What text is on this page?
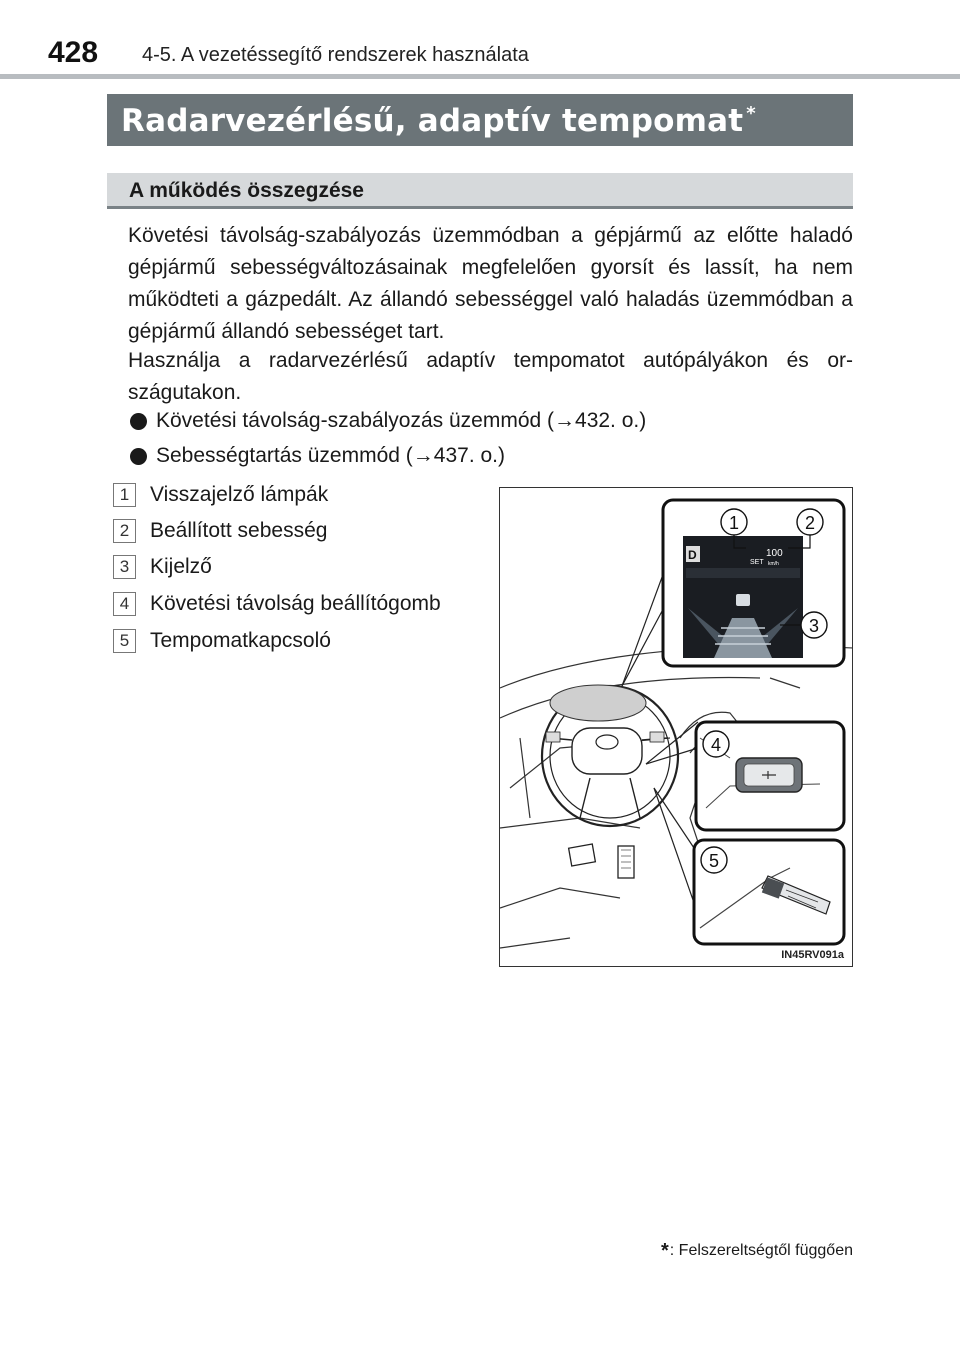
428 4-5. A vezetéssegítő rendszerek használata
Radarvezérlésű, adaptív tempomat *
A működés összegzése
Követési távolság-szabályozás üzemmódban a gépjármű az előtte haladó gépjármű sebességváltozásainak megfelelően gyorsít és lassít, ha nem működteti a gázpedált. Az állandó sebességgel való haladás üzemmódban a gépjármű állandó sebességet tart.
Használja a radarvezérlésű adaptív tempomatot autópályákon és országutakon.
Követési távolság-szabályozás üzemmód (→432. o.)
Sebességtartás üzemmód (→437. o.)
1 Visszajelző lámpák
2 Beállított sebesség
3 Kijelző
4 Követési távolság beállítógomb
5 Tempomatkapcsoló
D	100
SET km/h
1	2
3
4
5
IN45RV091a
*: Felszereltségtől függően
